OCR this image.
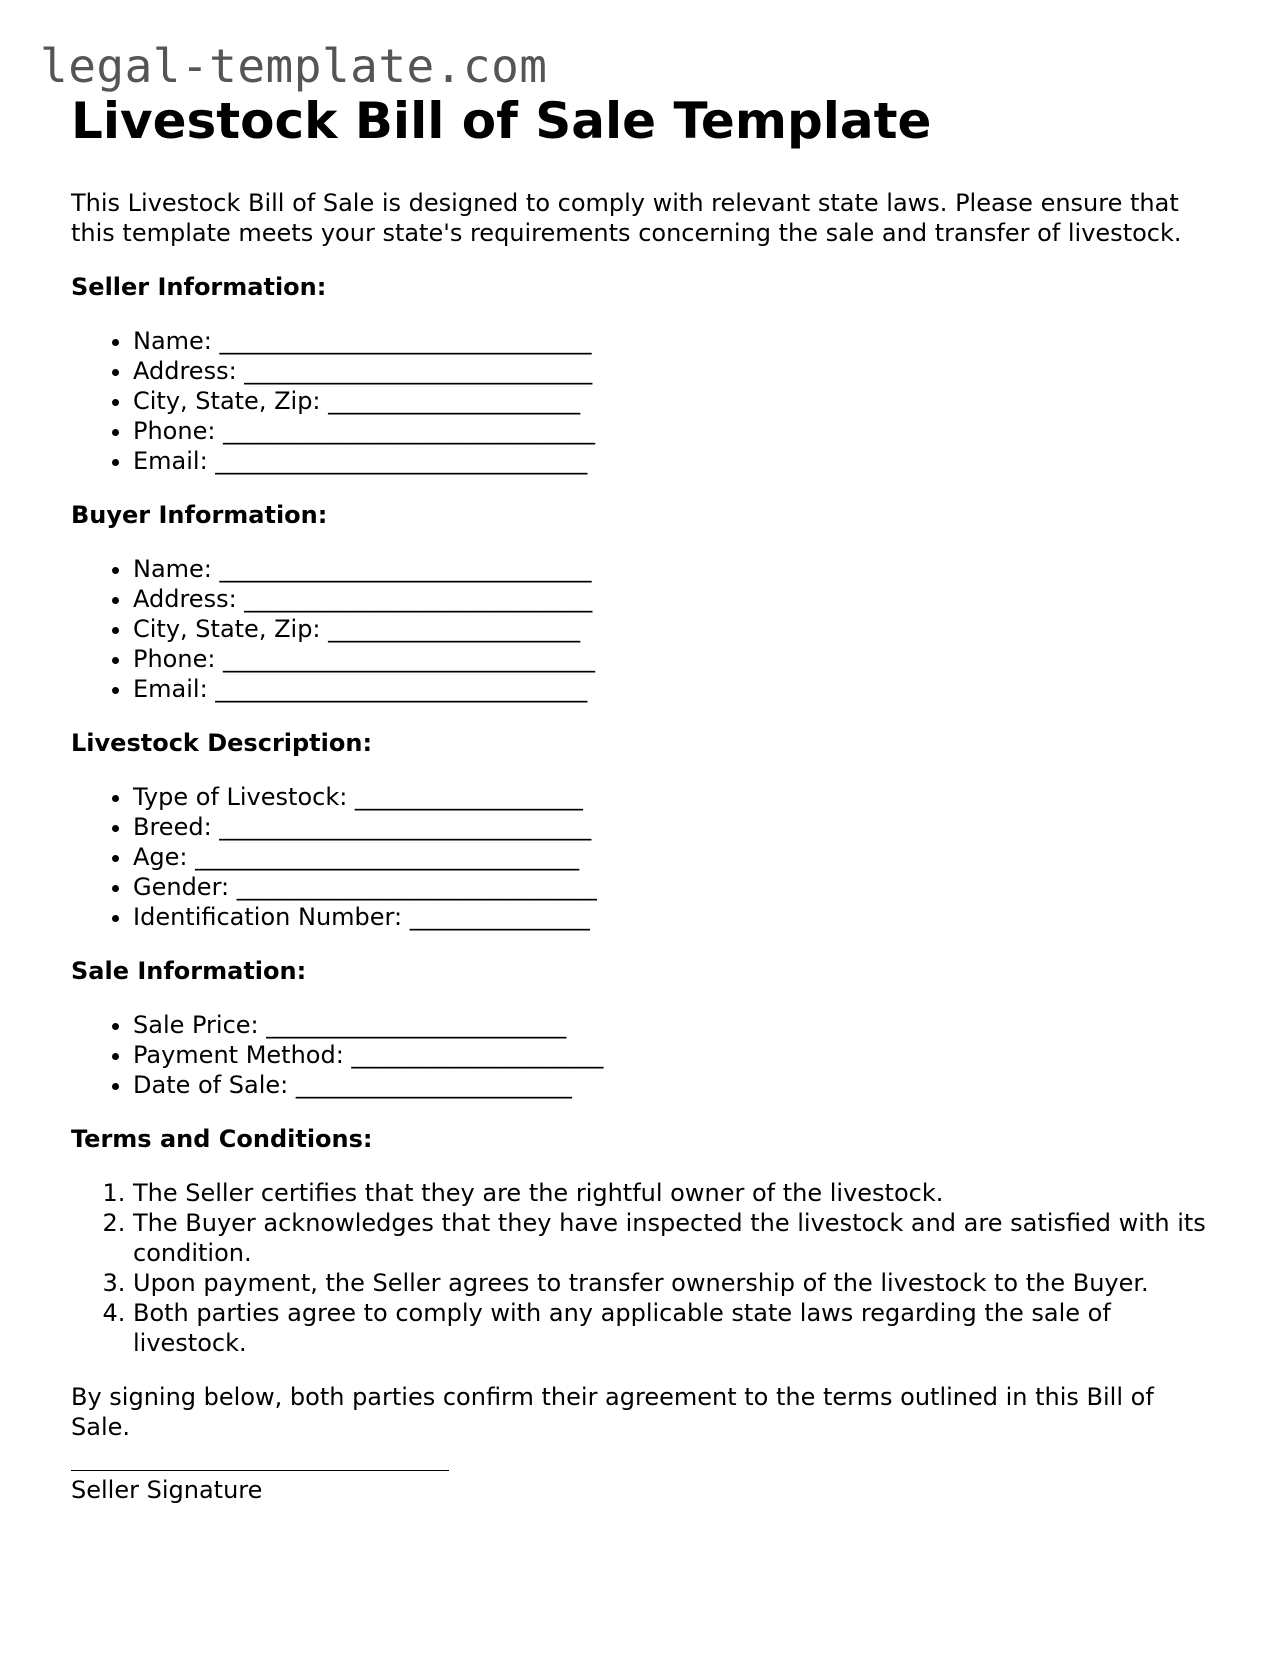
legal-template.com
Livestock Bill of Sale Template

This Livestock Bill of Sale is designed to comply with relevant state laws. Please ensure that this template meets your state's requirements concerning the sale and transfer of livestock.

Seller Information:
• Name: _______________________________
• Address: _____________________________
• City, State, Zip: _____________________
• Phone: _______________________________
• Email: _______________________________
Buyer Information:
• Name: _______________________________
• Address: _____________________________
• City, State, Zip: _____________________
• Phone: _______________________________
• Email: _______________________________
Livestock Description:
• Type of Livestock: ___________________
• Breed: _______________________________
• Age: ________________________________
• Gender: ______________________________
• Identification Number: _______________
Sale Information:
• Sale Price: _________________________
• Payment Method: _____________________
• Date of Sale: _______________________
Terms and Conditions:
1. The Seller certifies that they are the rightful owner of the livestock.
2. The Buyer acknowledges that they have inspected the livestock and are satisfied with its condition.
3. Upon payment, the Seller agrees to transfer ownership of the livestock to the Buyer.
4. Both parties agree to comply with any applicable state laws regarding the sale of livestock.

By signing below, both parties confirm their agreement to the terms outlined in this Bill of Sale.

Seller Signature
